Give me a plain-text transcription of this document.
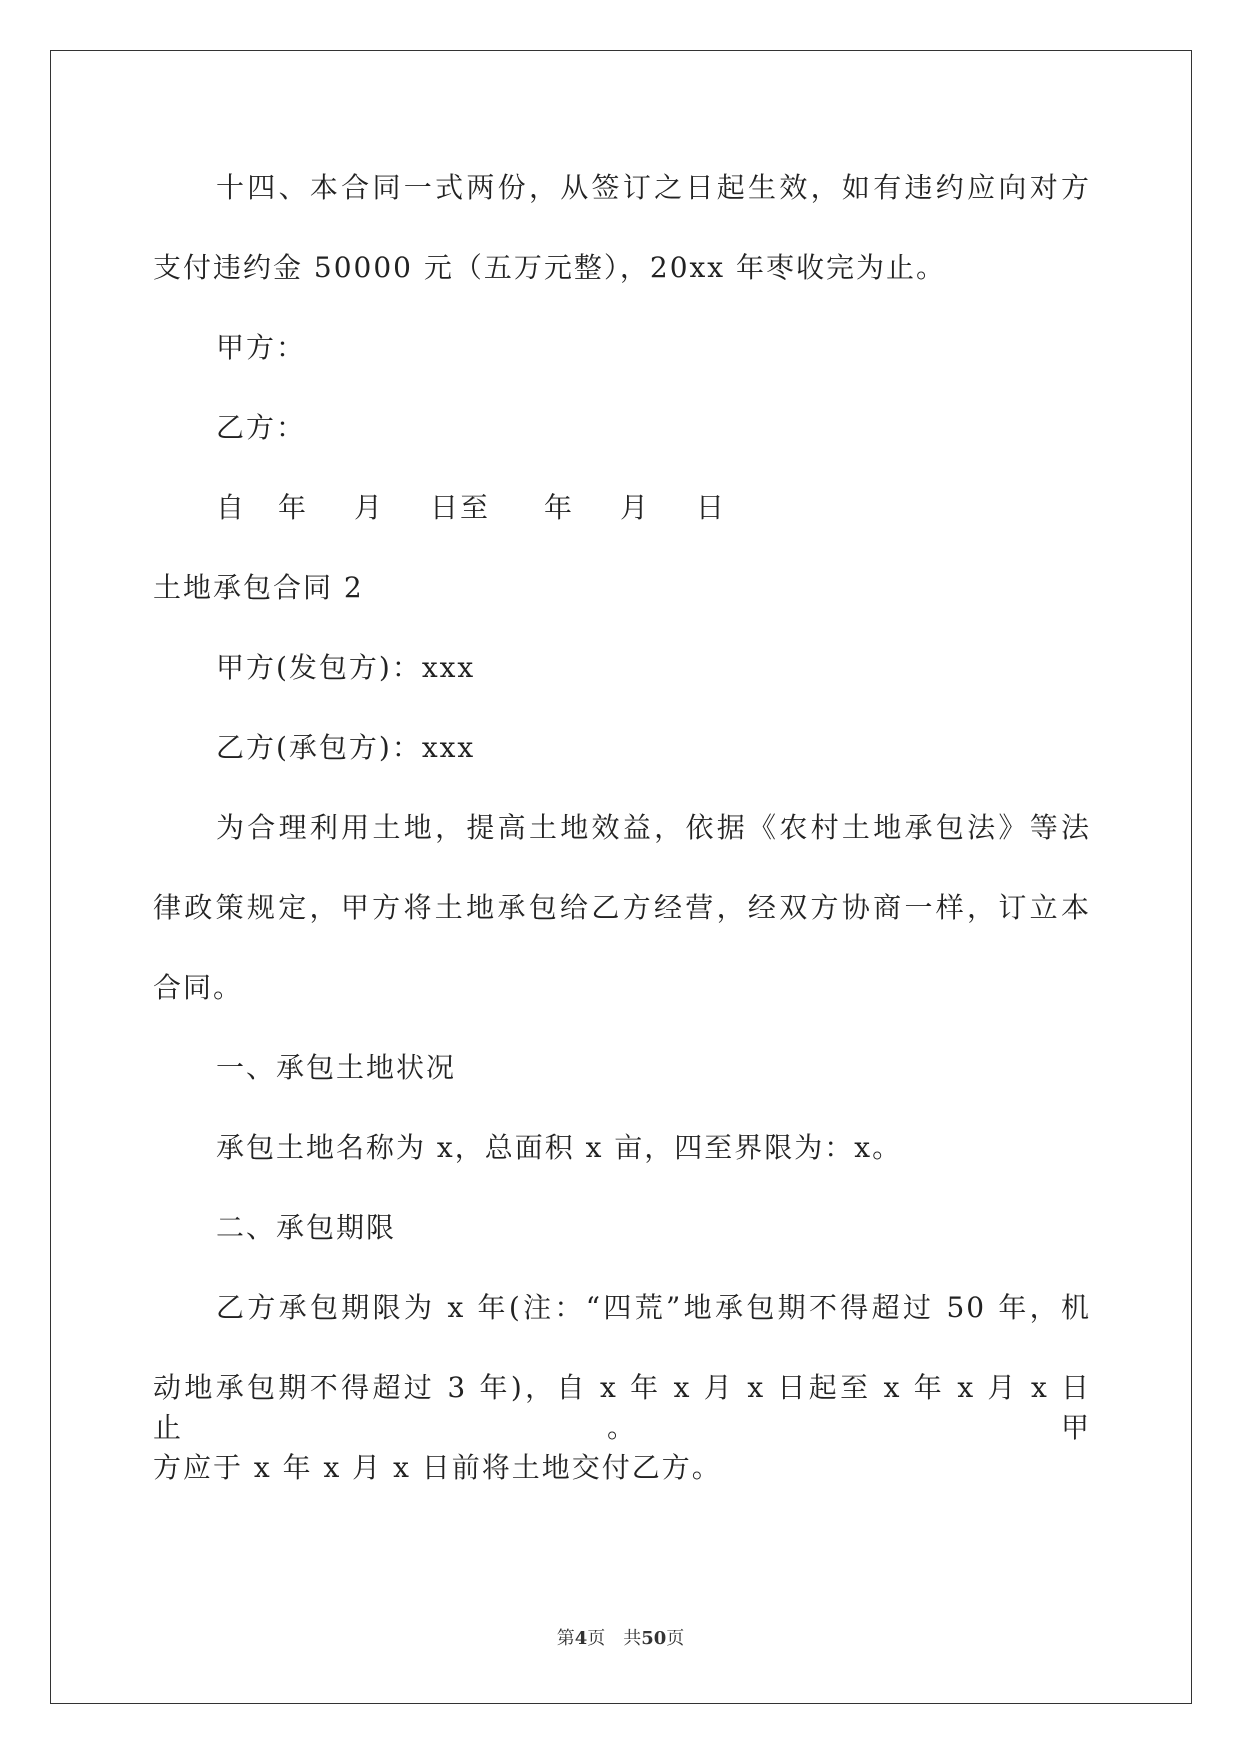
十四、本合同一式两份，从签订之日起生效，如有违约应向对方
支付违约金 50000 元（五万元整），20xx 年枣收完为止。
甲方：
乙方：
自 年 月 日至 年 月 日
土地承包合同 2
甲方(发包方)：xxx
乙方(承包方)：xxx
为合理利用土地，提高土地效益，依据《农村土地承包法》等法
律政策规定，甲方将土地承包给乙方经营，经双方协商一样，订立本
合同。
一、承包土地状况
承包土地名称为 x，总面积 x 亩，四至界限为：x。
二、承包期限
乙方承包期限为 x 年(注：“四荒”地承包期不得超过 50 年，机
动地承包期不得超过 3 年)，自 x 年 x 月 x 日起至 x 年 x 月 x 日止。甲
方应于 x 年 x 月 x 日前将土地交付乙方。
第4页　共50页
